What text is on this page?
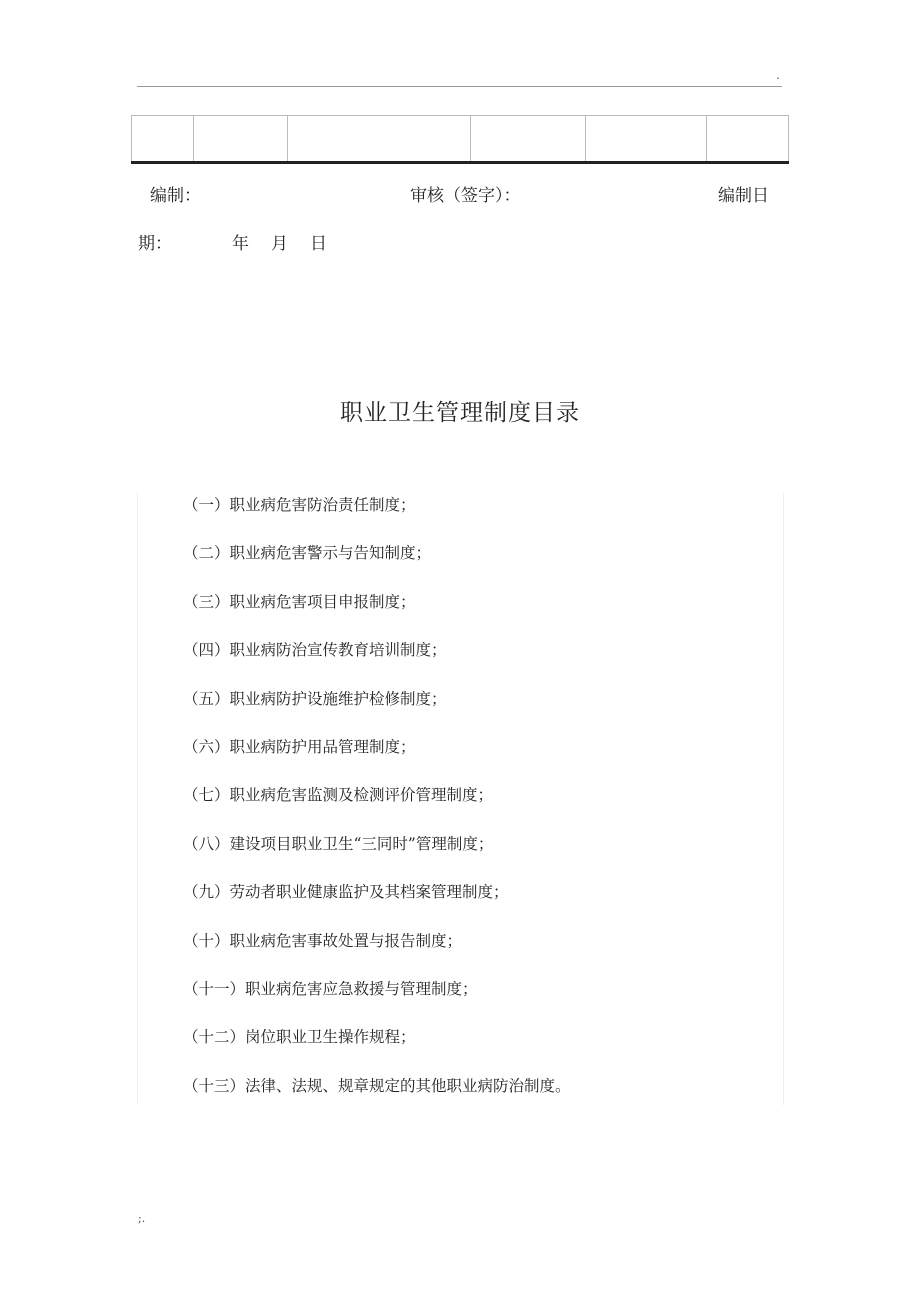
.

编制：	审核（签字）：	编制日
期：	年 月 日
职业卫生管理制度目录
（一）职业病危害防治责任制度；
（二）职业病危害警示与告知制度；
（三）职业病危害项目申报制度；
（四）职业病防治宣传教育培训制度；
（五）职业病防护设施维护检修制度；
（六）职业病防护用品管理制度；
（七）职业病危害监测及检测评价管理制度；
（八）建设项目职业卫生“三同时”管理制度；
（九）劳动者职业健康监护及其档案管理制度；
（十）职业病危害事故处置与报告制度；
（十一）职业病危害应急救援与管理制度；
（十二）岗位职业卫生操作规程；
（十三）法律、法规、规章规定的其他职业病防治制度。
;.
